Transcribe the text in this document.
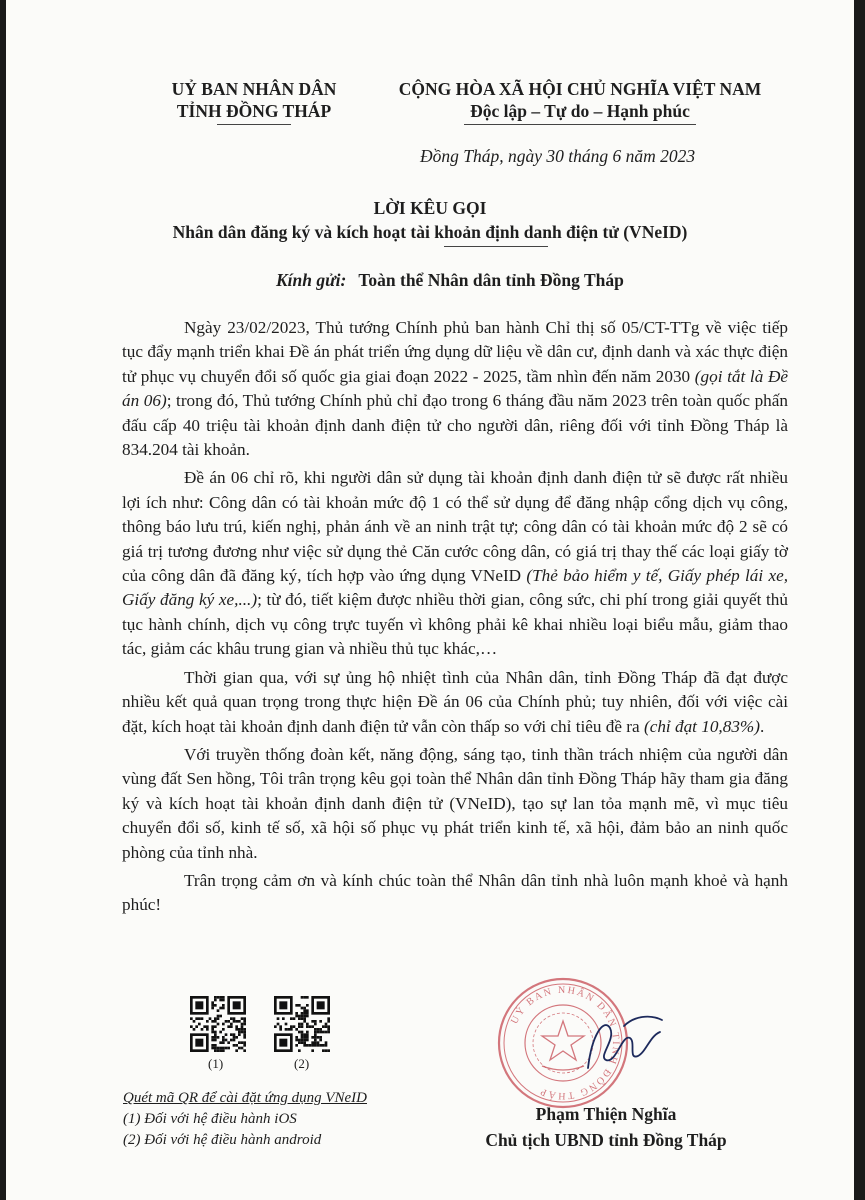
UỶ BAN NHÂN DÂN
TỈNH ĐỒNG THÁP
CỘNG HÒA XÃ HỘI CHỦ NGHĨA VIỆT NAM
Độc lập – Tự do – Hạnh phúc
Đồng Tháp, ngày 30 tháng 6 năm 2023
LỜI KÊU GỌI
Nhân dân đăng ký và kích hoạt tài khoản định danh điện tử (VNeID)
Kính gửi: Toàn thể Nhân dân tỉnh Đồng Tháp

Ngày 23/02/2023, Thủ tướng Chính phủ ban hành Chỉ thị số 05/CT-TTg về việc tiếp tục đẩy mạnh triển khai Đề án phát triển ứng dụng dữ liệu về dân cư, định danh và xác thực điện tử phục vụ chuyển đổi số quốc gia giai đoạn 2022 - 2025, tầm nhìn đến năm 2030 (gọi tắt là Đề án 06); trong đó, Thủ tướng Chính phủ chỉ đạo trong 6 tháng đầu năm 2023 trên toàn quốc phấn đấu cấp 40 triệu tài khoản định danh điện tử cho người dân, riêng đối với tỉnh Đồng Tháp là 834.204 tài khoản.

Đề án 06 chỉ rõ, khi người dân sử dụng tài khoản định danh điện tử sẽ được rất nhiều lợi ích như: Công dân có tài khoản mức độ 1 có thể sử dụng để đăng nhập cổng dịch vụ công, thông báo lưu trú, kiến nghị, phản ánh về an ninh trật tự; công dân có tài khoản mức độ 2 sẽ có giá trị tương đương như việc sử dụng thẻ Căn cước công dân, có giá trị thay thế các loại giấy tờ của công dân đã đăng ký, tích hợp vào ứng dụng VNeID (Thẻ bảo hiểm y tế, Giấy phép lái xe, Giấy đăng ký xe,...); từ đó, tiết kiệm được nhiều thời gian, công sức, chi phí trong giải quyết thủ tục hành chính, dịch vụ công trực tuyến vì không phải kê khai nhiều loại biểu mẫu, giảm thao tác, giảm các khâu trung gian và nhiều thủ tục khác,…

Thời gian qua, với sự ủng hộ nhiệt tình của Nhân dân, tỉnh Đồng Tháp đã đạt được nhiều kết quả quan trọng trong thực hiện Đề án 06 của Chính phủ; tuy nhiên, đối với việc cài đặt, kích hoạt tài khoản định danh điện tử vẫn còn thấp so với chỉ tiêu đề ra (chỉ đạt 10,83%).

Với truyền thống đoàn kết, năng động, sáng tạo, tinh thần trách nhiệm của người dân vùng đất Sen hồng, Tôi trân trọng kêu gọi toàn thể Nhân dân tỉnh Đồng Tháp hãy tham gia đăng ký và kích hoạt tài khoản định danh điện tử (VNeID), tạo sự lan tỏa mạnh mẽ, vì mục tiêu chuyển đổi số, kinh tế số, xã hội số phục vụ phát triển kinh tế, xã hội, đảm bảo an ninh quốc phòng của tỉnh nhà.

Trân trọng cảm ơn và kính chúc toàn thể Nhân dân tỉnh nhà luôn mạnh khoẻ và hạnh phúc!

(1)	(2)
Quét mã QR để cài đặt ứng dụng VNeID
(1) Đối với hệ điều hành iOS
(2) Đối với hệ điều hành android
UỶ BAN NHÂN DÂN TỈNH ĐỒNG THÁP
Phạm Thiện Nghĩa
Chủ tịch UBND tỉnh Đồng Tháp
